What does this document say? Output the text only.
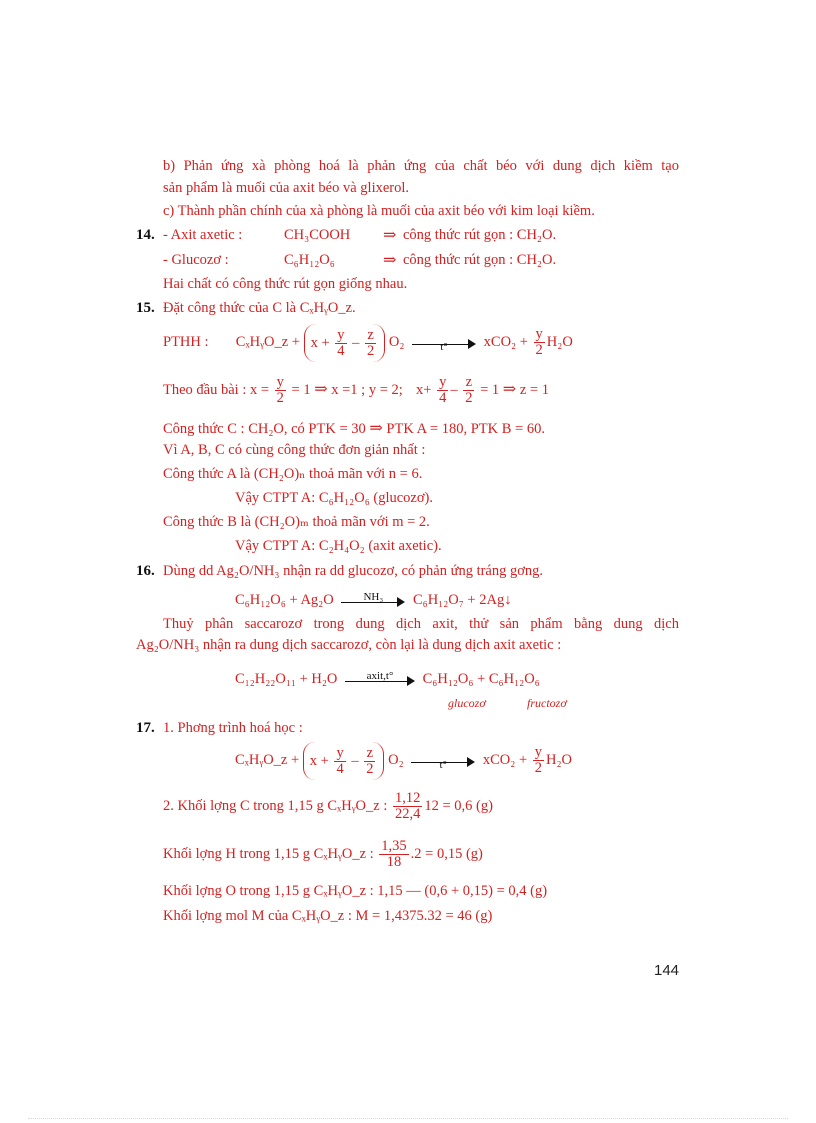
b) Phản ứng xà phòng hoá là phản ứng của chất béo với dung dịch kiềm tạo
sản phẩm là muối của axit béo và glixerol.
c) Thành phần chính của xà phòng là muối của axit béo với kim loại kiềm.
14. - Axit axetic :	CH₃COOH ⇒ công thức rút gọn : CH₂O.
- Glucozơ :	C₆H₁₂O₆	⇒ công thức rút gọn : CH₂O.
Hai chất có công thức rút gọn giống nhau.
15. Đặt công thức của C là CₓHᵧO_z.
PTHH : CₓHᵧO_z + $x + \frac{y}{4} - \frac{z}{2} O_2$	t°	$xCO_2 + \frac{y}{2} H_2O$
Theo đầu bài : $x = \frac{y}{2} = 1$ ⇒ x =1 ; y = 2; $x+ \frac{y}{4} - \frac{z}{2} = 1$ ⇒ z = 1
Công thức C : CH₂O, có PTK = 30 ⇒ PTK A = 180, PTK B = 60.
Vì A, B, C có cùng công thức đơn giản nhất :
Công thức A là (CH₂O)ₙ thoả mãn với n = 6.
Vậy CTPT A: C₆H₁₂O₆ (glucozơ).
Công thức B là (CH₂O)ₘ thoả mãn với m = 2.
Vậy CTPT A: C₂H₄O₂ (axit axetic).
16. Dùng dd Ag₂O/NH₃ nhận ra dd glucozơ, có phản ứng tráng gơng.
C₆H₁₂O₆ + Ag₂O	NH₃	C₆H₁₂O₇ + 2Ag↓
Thuỷ phân saccarozơ trong dung dịch axit, thử sản phẩm bằng dung dịch
Ag₂O/NH₃ nhận ra dung dịch saccarozơ, còn lại là dung dịch axit axetic :
C₁₂H₂₂O₁₁ + H₂O	axit,t°	C₆H₁₂O₆ + C₆H₁₂O₆
glucozơ	fructozơ
17. 1. Phơng trình hoá học :
CₓHᵧO_z + $x + \frac{y}{4} - \frac{z}{2} O_2$	t°	$xCO_2 + \frac{y}{2} H_2O$
2. Khối lợng C trong 1,15 g CₓHᵧO_z : $\frac{1,12}{22,4} 12 = 0,6$ (g)
Khối lợng H trong 1,15 g CₓHᵧO_z : $\frac{1,35}{18} .2 = 0,15$ (g)
Khối lợng O trong 1,15 g CₓHᵧO_z : 1,15 — (0,6 + 0,15) = 0,4 (g)
Khối lợng mol M của CₓHᵧO_z : M = 1,4375.32 = 46 (g)
144
